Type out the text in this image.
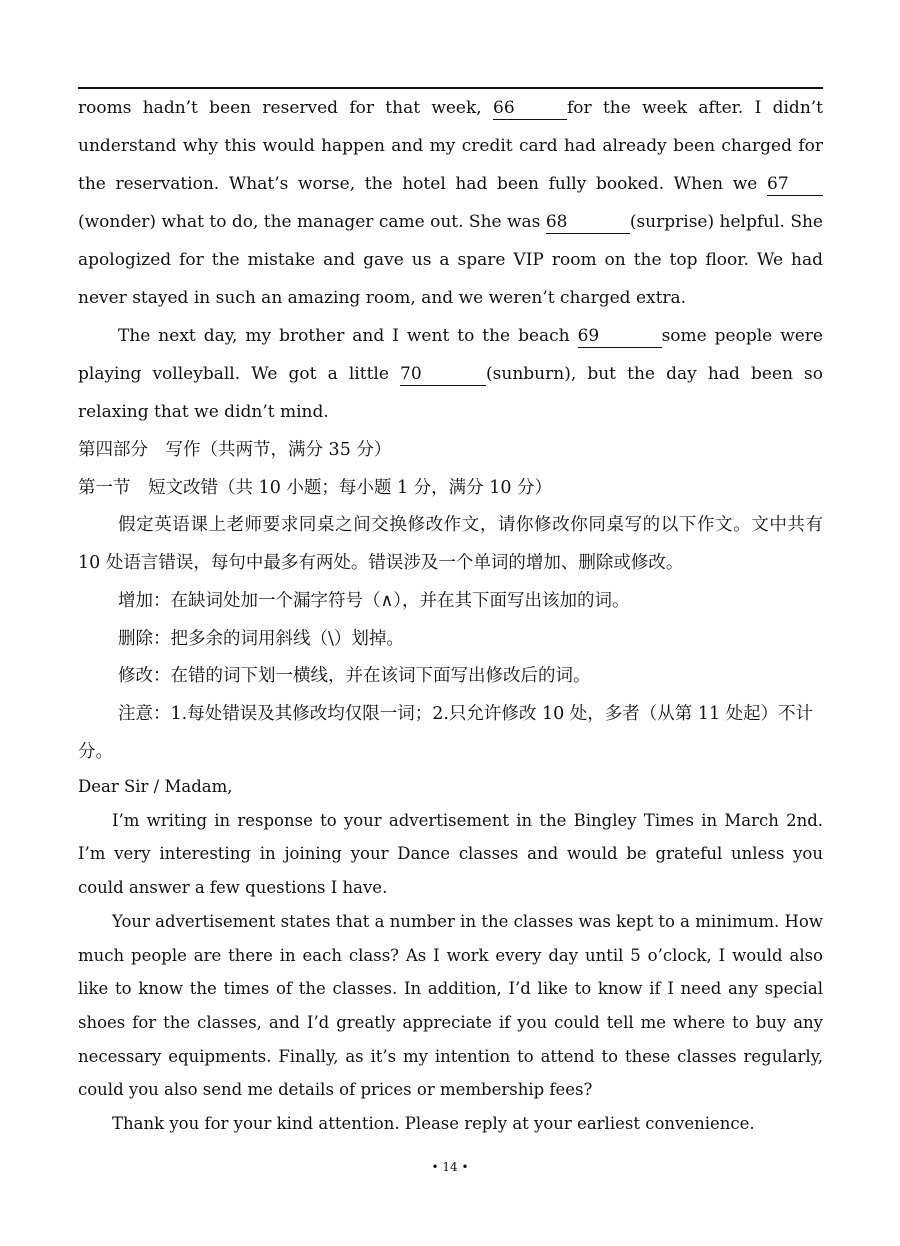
rooms hadn’t been reserved for that week, 66	for the week after. I didn’t understand why this would happen and my credit card had already been charged for the reservation. What’s worse, the hotel had been fully booked. When we 67(wonder) what to do, the manager came out. She was 68	(surprise) helpful. She apologized for the mistake and gave us a spare VIP room on the top floor. We had never stayed in such an amazing room, and we weren’t charged extra.

The next day, my brother and I went to the beach 69	some people were playing volleyball. We got a little 70	(sunburn), but the day had been so relaxing that we didn’t mind.

第四部分　写作（共两节，满分 35 分）

第一节　短文改错（共 10 小题；每小题 1 分，满分 10 分）

假定英语课上老师要求同桌之间交换修改作文，请你修改你同桌写的以下作文。文中共有 10 处语言错误，每句中最多有两处。错误涉及一个单词的增加、删除或修改。

增加：在缺词处加一个漏字符号（∧），并在其下面写出该加的词。

删除：把多余的词用斜线（\）划掉。

修改：在错的词下划一横线，并在该词下面写出修改后的词。

注意：1.每处错误及其修改均仅限一词；2.只允许修改 10 处，多者（从第 11 处起）不计分。

Dear Sir / Madam,

I’m writing in response to your advertisement in the Bingley Times in March 2nd. I’m very interesting in joining your Dance classes and would be grateful unless you could answer a few questions I have.

Your advertisement states that a number in the classes was kept to a minimum. How much people are there in each class? As I work every day until 5 o’clock, I would also like to know the times of the classes. In addition, I’d like to know if I need any special shoes for the classes, and I’d greatly appreciate if you could tell me where to buy any necessary equipments. Finally, as it’s my intention to attend to these classes regularly, could you also send me details of prices or membership fees?

Thank you for your kind attention. Please reply at your earliest convenience.

• 14 •
